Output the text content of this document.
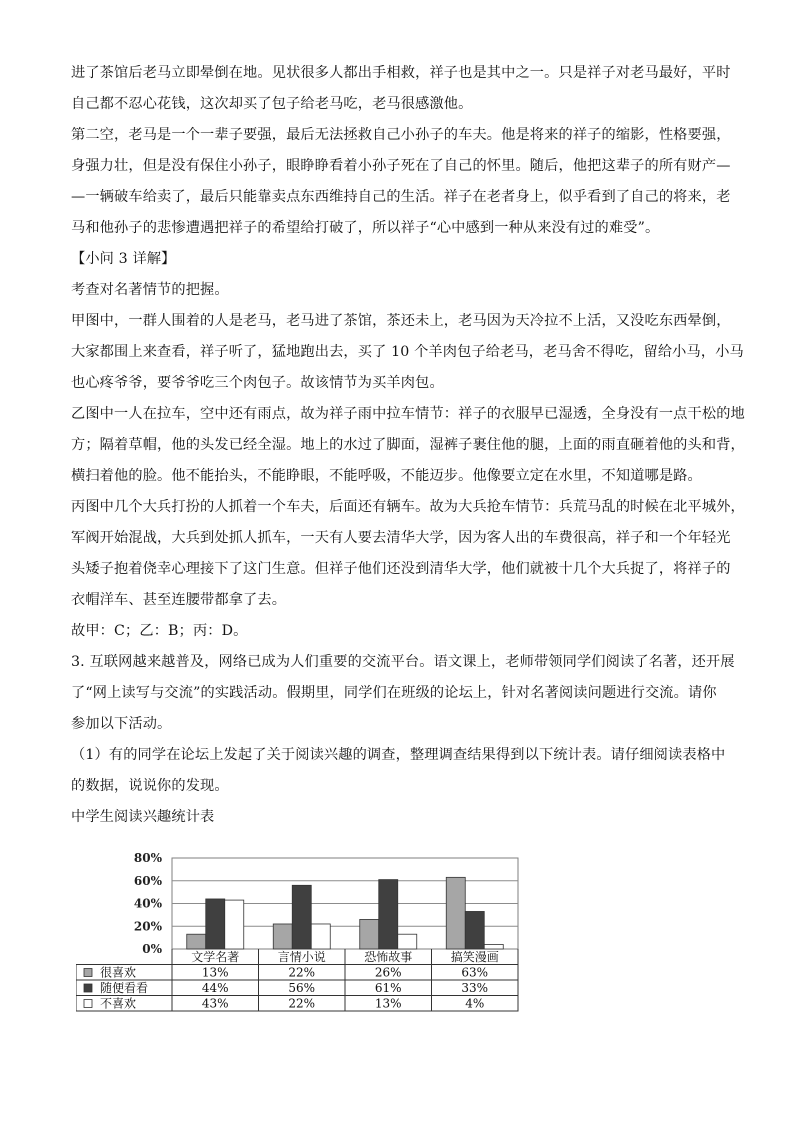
进了茶馆后老马立即晕倒在地。见状很多人都出手相救，祥子也是其中之一。只是祥子对老马最好，平时

自己都不忍心花钱，这次却买了包子给老马吃，老马很感激他。

第二空，老马是一个一辈子要强，最后无法拯救自己小孙子的车夫。他是将来的祥子的缩影，性格要强，

身强力壮，但是没有保住小孙子，眼睁睁看着小孙子死在了自己的怀里。随后，他把这辈子的所有财产—

—一辆破车给卖了，最后只能靠卖点东西维持自己的生活。祥子在老者身上，似乎看到了自己的将来，老

马和他孙子的悲惨遭遇把祥子的希望给打破了，所以祥子“心中感到一种从来没有过的难受”。

【小问 3 详解】

考查对名著情节的把握。

甲图中，一群人围着的人是老马，老马进了茶馆，茶还未上，老马因为天冷拉不上活，又没吃东西晕倒，

大家都围上来查看，祥子听了，猛地跑出去，买了 10 个羊肉包子给老马，老马舍不得吃，留给小马，小马

也心疼爷爷，要爷爷吃三个肉包子。故该情节为买羊肉包。

乙图中一人在拉车，空中还有雨点，故为祥子雨中拉车情节：祥子的衣服早已湿透，全身没有一点干松的地

方；隔着草帽，他的头发已经全湿。地上的水过了脚面，湿裤子裹住他的腿，上面的雨直砸着他的头和背，

横扫着他的脸。他不能抬头，不能睁眼，不能呼吸，不能迈步。他像要立定在水里，不知道哪是路。

丙图中几个大兵打扮的人抓着一个车夫，后面还有辆车。故为大兵抢车情节：兵荒马乱的时候在北平城外，

军阀开始混战，大兵到处抓人抓车，一天有人要去清华大学，因为客人出的车费很高，祥子和一个年轻光

头矮子抱着侥幸心理接下了这门生意。但祥子他们还没到清华大学，他们就被十几个大兵捉了，将祥子的

衣帽洋车、甚至连腰带都拿了去。

故甲：C；乙：B；丙：D。

3. 互联网越来越普及，网络已成为人们重要的交流平台。语文课上，老师带领同学们阅读了名著，还开展

了“网上读写与交流”的实践活动。假期里，同学们在班级的论坛上，针对名著阅读问题进行交流。请你

参加以下活动。

（1）有的同学在论坛上发起了关于阅读兴趣的调查，整理调查结果得到以下统计表。请仔细阅读表格中

的数据，说说你的发现。

中学生阅读兴趣统计表

0%
20%
40%
60%
80%
文学名著	言情小说	恐怖故事	搞笑漫画
很喜欢	13%	22%	26%	63%
随便看看	44%	56%	61%	33%
不喜欢	43%	22%	13%	4%
